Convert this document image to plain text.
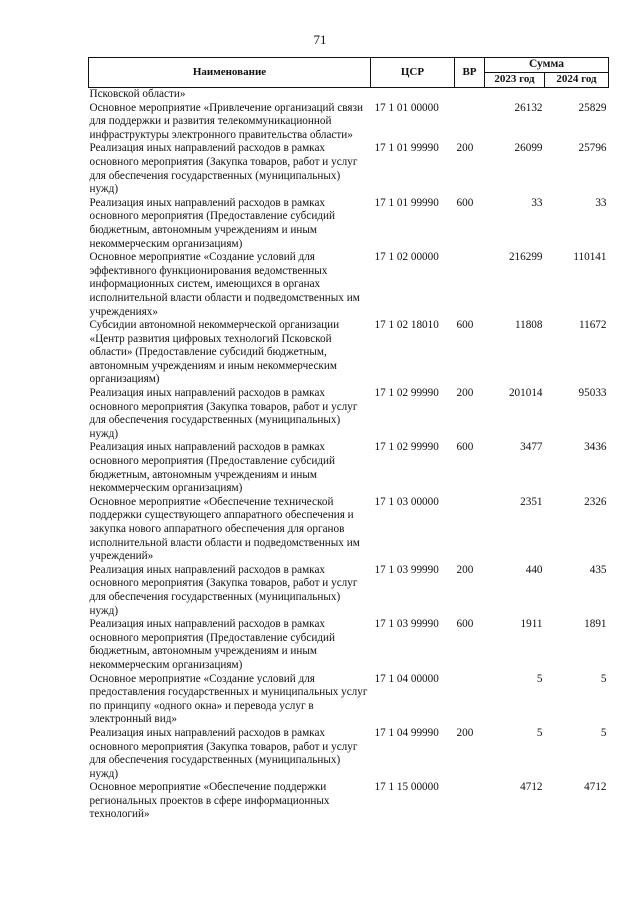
71
Наименование	ЦСР	ВР	Сумма	
			2023 год	2024 год
Псковской области»				
Основное мероприятие «Привлечение организаций связи для поддержки и развития телекоммуникационной инфраструктуры электронного правительства области»	17 1 01 00000		26132	25829
Реализация иных направлений расходов в рамках основного мероприятия (Закупка товаров, работ и услуг для обеспечения государственных (муниципальных) нужд)	17 1 01 99990	200	26099	25796
Реализация иных направлений расходов в рамках основного мероприятия (Предоставление субсидий бюджетным, автономным учреждениям и иным некоммерческим организациям)	17 1 01 99990	600	33	33
Основное мероприятие «Создание условий для эффективного функционирования ведомственных информационных систем, имеющихся в органах исполнительной власти области и подведомственных им учреждениях»	17 1 02 00000		216299	110141
Субсидии автономной некоммерческой организации «Центр развития цифровых технологий Псковской области» (Предоставление субсидий бюджетным, автономным учреждениям и иным некоммерческим организациям)	17 1 02 18010	600	11808	11672
Реализация иных направлений расходов в рамках основного мероприятия (Закупка товаров, работ и услуг для обеспечения государственных (муниципальных) нужд)	17 1 02 99990	200	201014	95033
Реализация иных направлений расходов в рамках основного мероприятия (Предоставление субсидий бюджетным, автономным учреждениям и иным некоммерческим организациям)	17 1 02 99990	600	3477	3436
Основное мероприятие «Обеспечение технической поддержки существующего аппаратного обеспечения и закупка нового аппаратного обеспечения для органов исполнительной власти области и подведомственных им учреждений»	17 1 03 00000		2351	2326
Реализация иных направлений расходов в рамках основного мероприятия (Закупка товаров, работ и услуг для обеспечения государственных (муниципальных) нужд)	17 1 03 99990	200	440	435
Реализация иных направлений расходов в рамках основного мероприятия (Предоставление субсидий бюджетным, автономным учреждениям и иным некоммерческим организациям)	17 1 03 99990	600	1911	1891
Основное мероприятие «Создание условий для предоставления государственных и муниципальных услуг по принципу «одного окна» и перевода услуг в электронный вид»	17 1 04 00000		5	5
Реализация иных направлений расходов в рамках основного мероприятия (Закупка товаров, работ и услуг для обеспечения государственных (муниципальных) нужд)	17 1 04 99990	200	5	5
Основное мероприятие «Обеспечение поддержки региональных проектов в сфере информационных технологий»	17 1 15 00000		4712	4712
